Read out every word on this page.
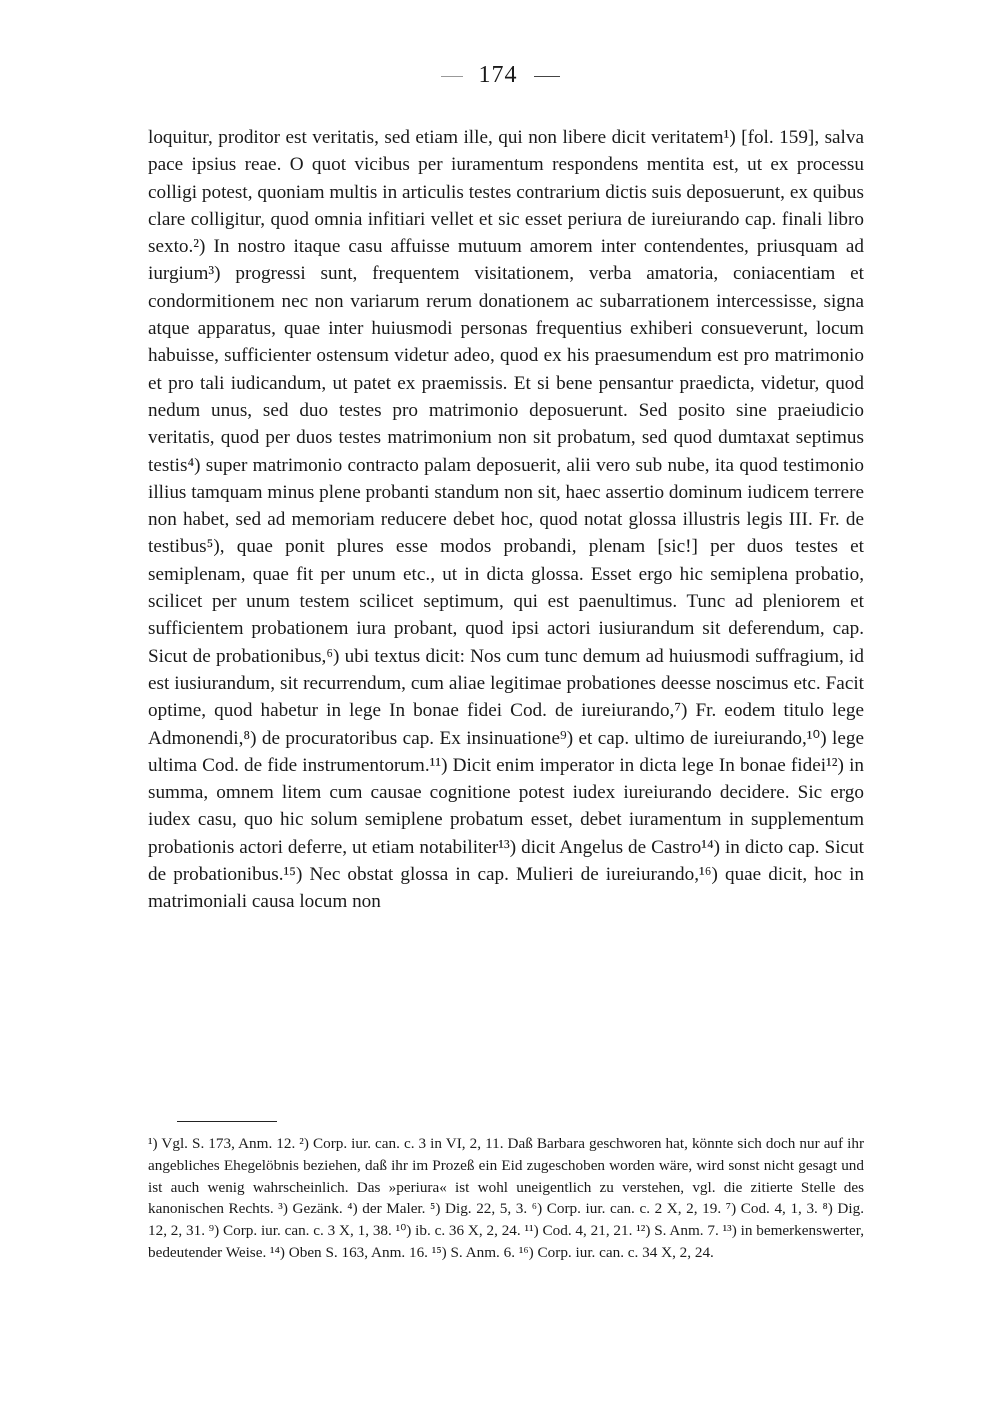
174

loquitur, proditor est veritatis, sed etiam ille, qui non libere dicit veritatem¹) [fol. 159], salva pace ipsius reae. O quot vicibus per iuramentum respondens mentita est, ut ex processu colligi potest, quoniam multis in articulis testes contrarium dictis suis deposuerunt, ex quibus clare colligitur, quod omnia infitiari vellet et sic esset periura de iureiurando cap. finali libro sexto.²) In nostro itaque casu affuisse mutuum amorem inter contendentes, priusquam ad iurgium³) progressi sunt, frequentem visitationem, verba amatoria, coniacentiam et condormitionem nec non variarum rerum donationem ac subarrationem intercessisse, signa atque apparatus, quae inter huiusmodi personas frequentius exhiberi consueverunt, locum habuisse, sufficienter ostensum videtur adeo, quod ex his praesumendum est pro matrimonio et pro tali iudicandum, ut patet ex praemissis. Et si bene pensantur praedicta, videtur, quod nedum unus, sed duo testes pro matrimonio deposuerunt. Sed posito sine praeiudicio veritatis, quod per duos testes matrimonium non sit probatum, sed quod dumtaxat septimus testis⁴) super matrimonio contracto palam deposuerit, alii vero sub nube, ita quod testimonio illius tamquam minus plene probanti standum non sit, haec assertio dominum iudicem terrere non habet, sed ad memoriam reducere debet hoc, quod notat glossa illustris legis III. Fr. de testibus⁵), quae ponit plures esse modos probandi, plenam [sic!] per duos testes et semiplenam, quae fit per unum etc., ut in dicta glossa. Esset ergo hic semiplena probatio, scilicet per unum testem scilicet septimum, qui est paenultimus. Tunc ad pleniorem et sufficientem probationem iura probant, quod ipsi actori iusiurandum sit deferendum, cap. Sicut de probationibus,⁶) ubi textus dicit: Nos cum tunc demum ad huiusmodi suffragium, id est iusiurandum, sit recurrendum, cum aliae legitimae probationes deesse noscimus etc. Facit optime, quod habetur in lege In bonae fidei Cod. de iureiurando,⁷) Fr. eodem titulo lege Admonendi,⁸) de procuratoribus cap. Ex insinuatione⁹) et cap. ultimo de iureiurando,¹⁰) lege ultima Cod. de fide instrumentorum.¹¹) Dicit enim imperator in dicta lege In bonae fidei¹²) in summa, omnem litem cum causae cognitione potest iudex iureiurando decidere. Sic ergo iudex casu, quo hic solum semiplene probatum esset, debet iuramentum in supplementum probationis actori deferre, ut etiam notabiliter¹³) dicit Angelus de Castro¹⁴) in dicto cap. Sicut de probationibus.¹⁵) Nec obstat glossa in cap. Mulieri de iureiurando,¹⁶) quae dicit, hoc in matrimoniali causa locum non

¹) Vgl. S. 173, Anm. 12. ²) Corp. iur. can. c. 3 in VI, 2, 11. Daß Barbara geschworen hat, könnte sich doch nur auf ihr angebliches Ehegelöbnis beziehen, daß ihr im Prozeß ein Eid zugeschoben worden wäre, wird sonst nicht gesagt und ist auch wenig wahrscheinlich. Das »periura« ist wohl uneigentlich zu verstehen, vgl. die zitierte Stelle des kanonischen Rechts. ³) Gezänk. ⁴) der Maler. ⁵) Dig. 22, 5, 3. ⁶) Corp. iur. can. c. 2 X, 2, 19. ⁷) Cod. 4, 1, 3. ⁸) Dig. 12, 2, 31. ⁹) Corp. iur. can. c. 3 X, 1, 38. ¹⁰) ib. c. 36 X, 2, 24. ¹¹) Cod. 4, 21, 21. ¹²) S. Anm. 7. ¹³) in bemerkenswerter, bedeutender Weise. ¹⁴) Oben S. 163, Anm. 16. ¹⁵) S. Anm. 6. ¹⁶) Corp. iur. can. c. 34 X, 2, 24.
